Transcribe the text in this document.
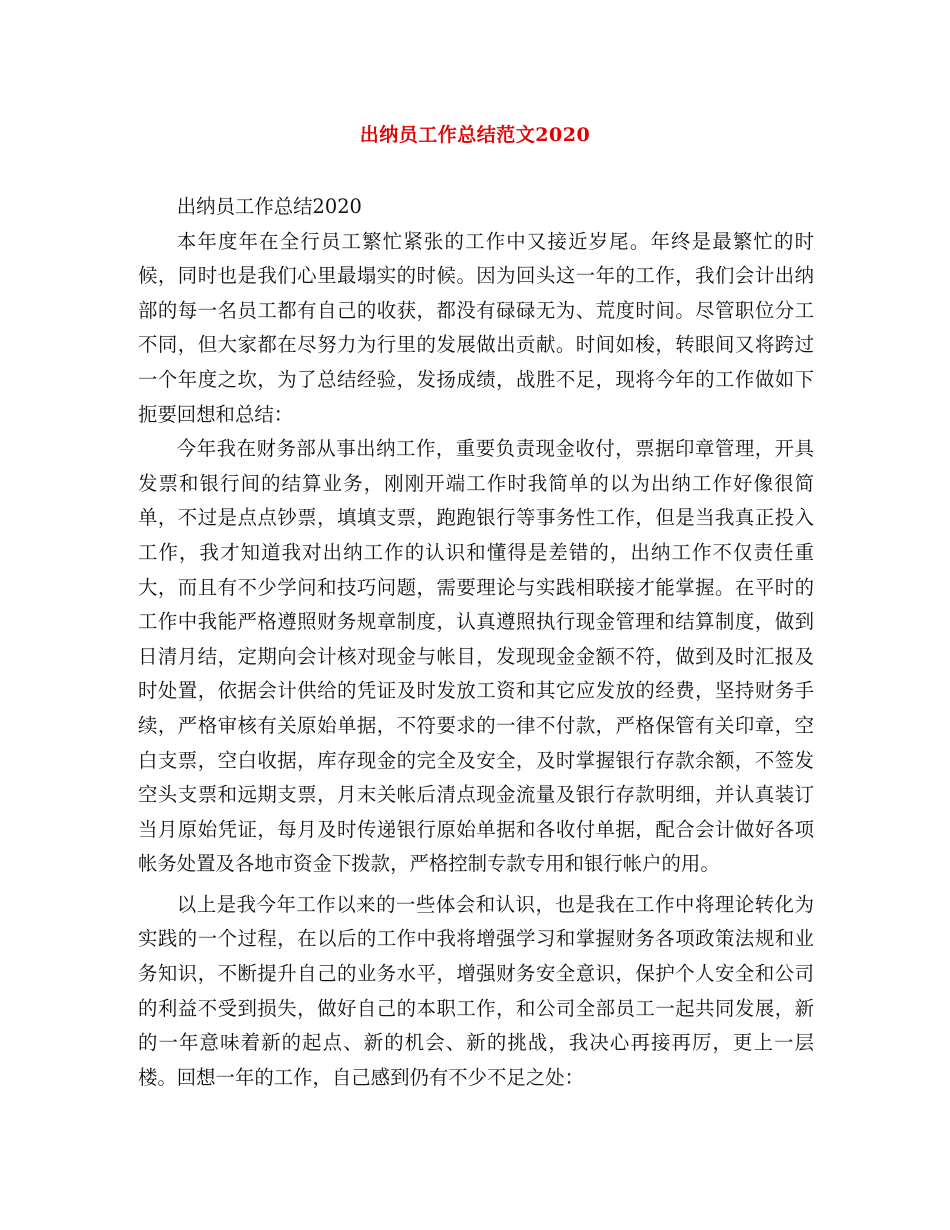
出纳员工作总结范文2020

出纳员工作总结2020

本年度年在全行员工繁忙紧张的工作中又接近岁尾。年终是最繁忙的时候，同时也是我们心里最塌实的时候。因为回头这一年的工作，我们会计出纳部的每一名员工都有自己的收获，都没有碌碌无为、荒度时间。尽管职位分工不同，但大家都在尽努力为行里的发展做出贡献。时间如梭，转眼间又将跨过一个年度之坎，为了总结经验，发扬成绩，战胜不足，现将今年的工作做如下扼要回想和总结：

今年我在财务部从事出纳工作，重要负责现金收付，票据印章管理，开具发票和银行间的结算业务，刚刚开端工作时我简单的以为出纳工作好像很简单，不过是点点钞票，填填支票，跑跑银行等事务性工作，但是当我真正投入工作，我才知道我对出纳工作的认识和懂得是差错的，出纳工作不仅责任重大，而且有不少学问和技巧问题，需要理论与实践相联接才能掌握。在平时的工作中我能严格遵照财务规章制度，认真遵照执行现金管理和结算制度，做到日清月结，定期向会计核对现金与帐目，发现现金金额不符，做到及时汇报及时处置，依据会计供给的凭证及时发放工资和其它应发放的经费，坚持财务手续，严格审核有关原始单据，不符要求的一律不付款，严格保管有关印章，空白支票，空白收据，库存现金的完全及安全，及时掌握银行存款余额，不签发空头支票和远期支票，月末关帐后清点现金流量及银行存款明细，并认真装订当月原始凭证，每月及时传递银行原始单据和各收付单据，配合会计做好各项帐务处置及各地市资金下拨款，严格控制专款专用和银行帐户的用。

以上是我今年工作以来的一些体会和认识，也是我在工作中将理论转化为实践的一个过程，在以后的工作中我将增强学习和掌握财务各项政策法规和业务知识，不断提升自己的业务水平，增强财务安全意识，保护个人安全和公司的利益不受到损失，做好自己的本职工作，和公司全部员工一起共同发展，新的一年意味着新的起点、新的机会、新的挑战，我决心再接再厉，更上一层楼。回想一年的工作，自己感到仍有不少不足之处：
